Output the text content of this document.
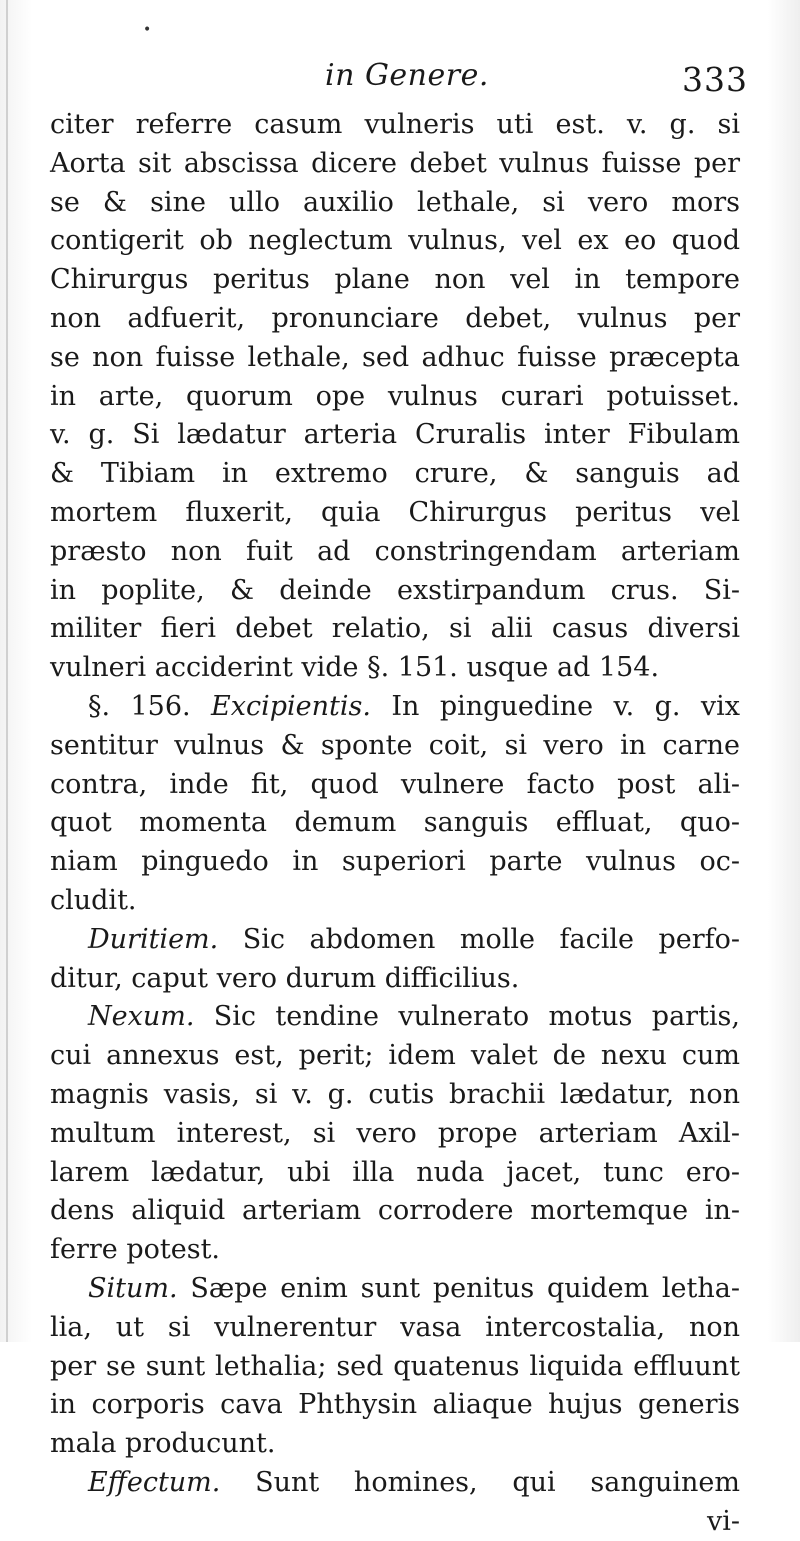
•
in Genere.	333
citer referre casum vulneris uti est. v. g. si
Aorta sit abscissa dicere debet vulnus fuisse per
se & sine ullo auxilio lethale, si vero mors
contigerit ob neglectum vulnus, vel ex eo quod
Chirurgus peritus plane non vel in tempore
non adfuerit, pronunciare debet, vulnus per
se non fuisse lethale, sed adhuc fuisse præcepta
in arte, quorum ope vulnus curari potuisset.
v. g. Si lædatur arteria Cruralis inter Fibulam
& Tibiam in extremo crure, & sanguis ad
mortem fluxerit, quia Chirurgus peritus vel
præsto non fuit ad constringendam arteriam
in poplite, & deinde exstirpandum crus. Si-
militer fieri debet relatio, si alii casus diversi
vulneri acciderint vide §. 151. usque ad 154.
§. 156. Excipientis. In pinguedine v. g. vix
sentitur vulnus & sponte coit, si vero in carne
contra, inde fit, quod vulnere facto post ali-
quot momenta demum sanguis effluat, quo-
niam pinguedo in superiori parte vulnus oc-
cludit.
Duritiem. Sic abdomen molle facile perfo-
ditur, caput vero durum difficilius.
Nexum. Sic tendine vulnerato motus partis,
cui annexus est, perit; idem valet de nexu cum
magnis vasis, si v. g. cutis brachii lædatur, non
multum interest, si vero prope arteriam Axil-
larem lædatur, ubi illa nuda jacet, tunc ero-
dens aliquid arteriam corrodere mortemque in-
ferre potest.
Situm. Sæpe enim sunt penitus quidem letha-
lia, ut si vulnerentur vasa intercostalia, non
per se sunt lethalia; sed quatenus liquida effluunt
in corporis cava Phthysin aliaque hujus generis
mala producunt.
Effectum. Sunt homines, qui sanguinem
vi-
